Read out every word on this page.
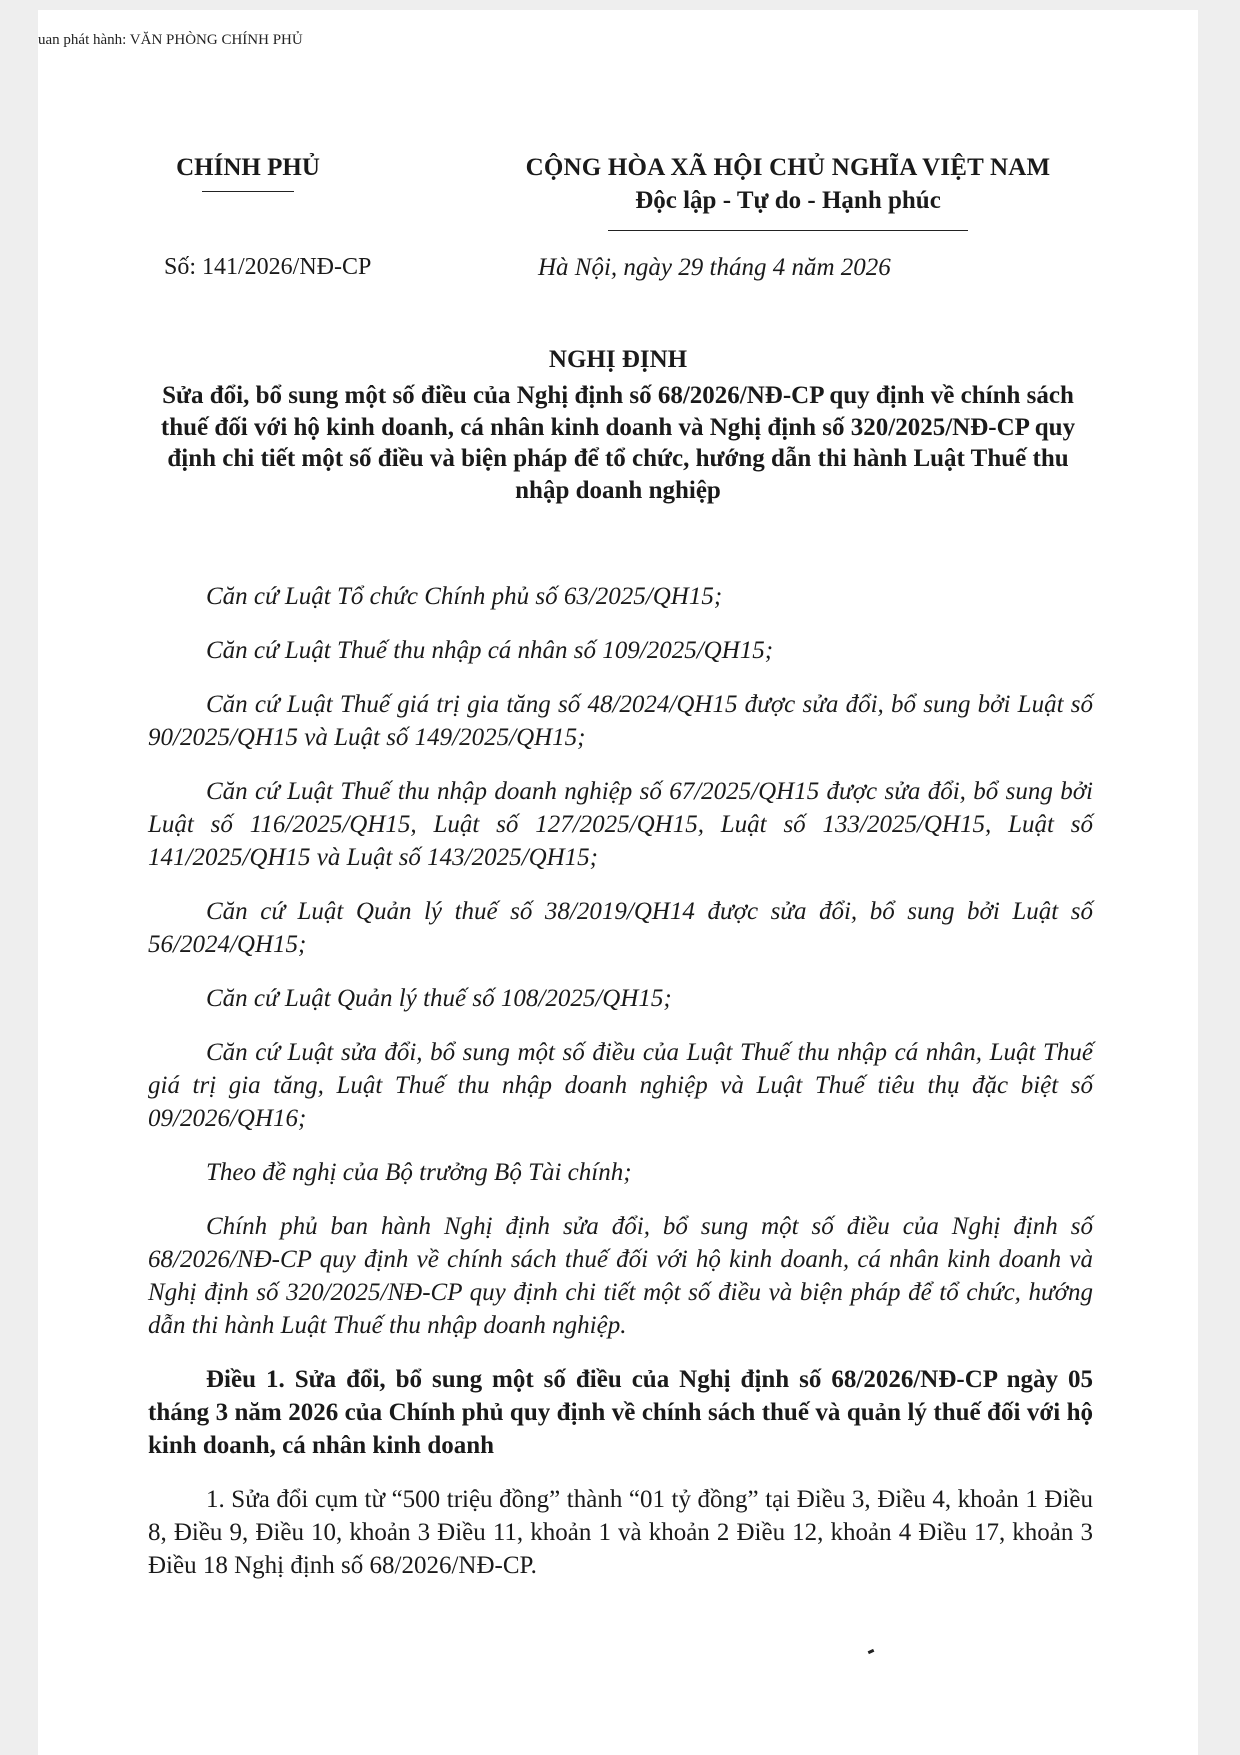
uan phát hành: VĂN PHÒNG CHÍNH PHỦ
CHÍNH PHỦ	CỘNG HÒA XÃ HỘI CHỦ NGHĨA VIỆT NAM
Độc lập - Tự do - Hạnh phúc
Số: 141/2026/NĐ-CP	Hà Nội, ngày 29 tháng 4 năm 2026
NGHỊ ĐỊNH
Sửa đổi, bổ sung một số điều của Nghị định số 68/2026/NĐ-CP quy định về chính sách thuế đối với hộ kinh doanh, cá nhân kinh doanh và Nghị định số 320/2025/NĐ-CP quy định chi tiết một số điều và biện pháp để tổ chức, hướng dẫn thi hành Luật Thuế thu nhập doanh nghiệp

Căn cứ Luật Tổ chức Chính phủ số 63/2025/QH15;

Căn cứ Luật Thuế thu nhập cá nhân số 109/2025/QH15;

Căn cứ Luật Thuế giá trị gia tăng số 48/2024/QH15 được sửa đổi, bổ sung bởi Luật số 90/2025/QH15 và Luật số 149/2025/QH15;

Căn cứ Luật Thuế thu nhập doanh nghiệp số 67/2025/QH15 được sửa đổi, bổ sung bởi Luật số 116/2025/QH15, Luật số 127/2025/QH15, Luật số 133/2025/QH15, Luật số 141/2025/QH15 và Luật số 143/2025/QH15;

Căn cứ Luật Quản lý thuế số 38/2019/QH14 được sửa đổi, bổ sung bởi Luật số 56/2024/QH15;

Căn cứ Luật Quản lý thuế số 108/2025/QH15;

Căn cứ Luật sửa đổi, bổ sung một số điều của Luật Thuế thu nhập cá nhân, Luật Thuế giá trị gia tăng, Luật Thuế thu nhập doanh nghiệp và Luật Thuế tiêu thụ đặc biệt số 09/2026/QH16;

Theo đề nghị của Bộ trưởng Bộ Tài chính;

Chính phủ ban hành Nghị định sửa đổi, bổ sung một số điều của Nghị định số 68/2026/NĐ-CP quy định về chính sách thuế đối với hộ kinh doanh, cá nhân kinh doanh và Nghị định số 320/2025/NĐ-CP quy định chi tiết một số điều và biện pháp để tổ chức, hướng dẫn thi hành Luật Thuế thu nhập doanh nghiệp.

Điều 1. Sửa đổi, bổ sung một số điều của Nghị định số 68/2026/NĐ-CP ngày 05 tháng 3 năm 2026 của Chính phủ quy định về chính sách thuế và quản lý thuế đối với hộ kinh doanh, cá nhân kinh doanh

1. Sửa đổi cụm từ “500 triệu đồng” thành “01 tỷ đồng” tại Điều 3, Điều 4, khoản 1 Điều 8, Điều 9, Điều 10, khoản 3 Điều 11, khoản 1 và khoản 2 Điều 12, khoản 4 Điều 17, khoản 3 Điều 18 Nghị định số 68/2026/NĐ-CP.
